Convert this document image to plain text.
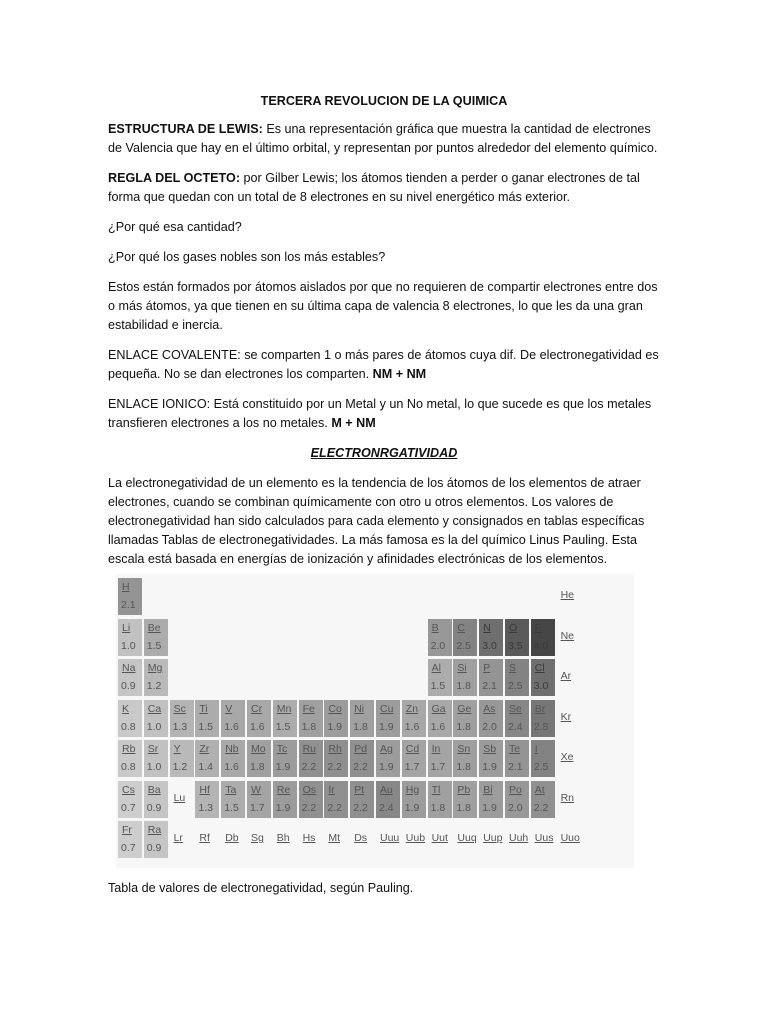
TERCERA REVOLUCION DE LA QUIMICA

ESTRUCTURA DE LEWIS: Es una representación gráfica que muestra la cantidad de electrones de Valencia que hay en el último orbital, y representan por puntos alrededor del elemento químico.

REGLA DEL OCTETO: por Gilber Lewis; los átomos tienden a perder o ganar electrones de tal forma que quedan con un total de 8 electrones en su nivel energético más exterior.

¿Por qué esa cantidad?

¿Por qué los gases nobles son los más estables?

Estos están formados por átomos aislados por que no requieren de compartir electrones entre dos o más átomos, ya que tienen en su última capa de valencia 8 electrones, lo que les da una gran estabilidad e inercia.

ENLACE COVALENTE: se comparten 1 o más pares de átomos cuya dif. De electronegatividad es pequeña. No se dan electrones los comparten. NM + NM

ENLACE IONICO: Está constituido por un Metal y un No metal, lo que sucede es que los metales transfieren electrones a los no metales. M + NM

ELECTRONRGATIVIDAD

La electronegatividad de un elemento es la tendencia de los átomos de los elementos de atraer electrones, cuando se combinan químicamente con otro u otros elementos. Los valores de electronegatividad han sido calculados para cada elemento y consignados en tablas específicas llamadas Tablas de electronegatividades. La más famosa es la del químico Linus Pauling. Esta escala está basada en energías de ionización y afinidades electrónicas de los elementos.

H
2.1
He
Li
1.0
Be
1.5
B
2.0
C
2.5
N
3.0
O
3.5
F
4.0
Ne
Na
0.9
Mg
1.2
Al
1.5
Si
1.8
P
2.1
S
2.5
Cl
3.0
Ar
K
0.8
Ca
1.0
Sc
1.3
Ti
1.5
V
1.6
Cr
1.6
Mn
1.5
Fe
1.8
Co
1.9
Ni
1.8
Cu
1.9
Zn
1.6
Ga
1.6
Ge
1.8
As
2.0
Se
2.4
Br
2.8
Kr
Rb
0.8
Sr
1.0
Y
1.2
Zr
1.4
Nb
1.6
Mo
1.8
Tc
1.9
Ru
2.2
Rh
2.2
Pd
2.2
Ag
1.9
Cd
1.7
In
1.7
Sn
1.8
Sb
1.9
Te
2.1
I
2.5
Xe
Cs
0.7
Ba
0.9
Lu
Hf
1.3
Ta
1.5
W
1.7
Re
1.9
Os
2.2
Ir
2.2
Pt
2.2
Au
2.4
Hg
1.9
Tl
1.8
Pb
1.8
Bi
1.9
Po
2.0
At
2.2
Rn
Fr
0.7
Ra
0.9
Lr Rf Db Sg Bh Hs Mt Ds Uuu Uub Uut Uuq Uup Uuh Uus Uuo
Tabla de valores de electronegatividad, según Pauling.
